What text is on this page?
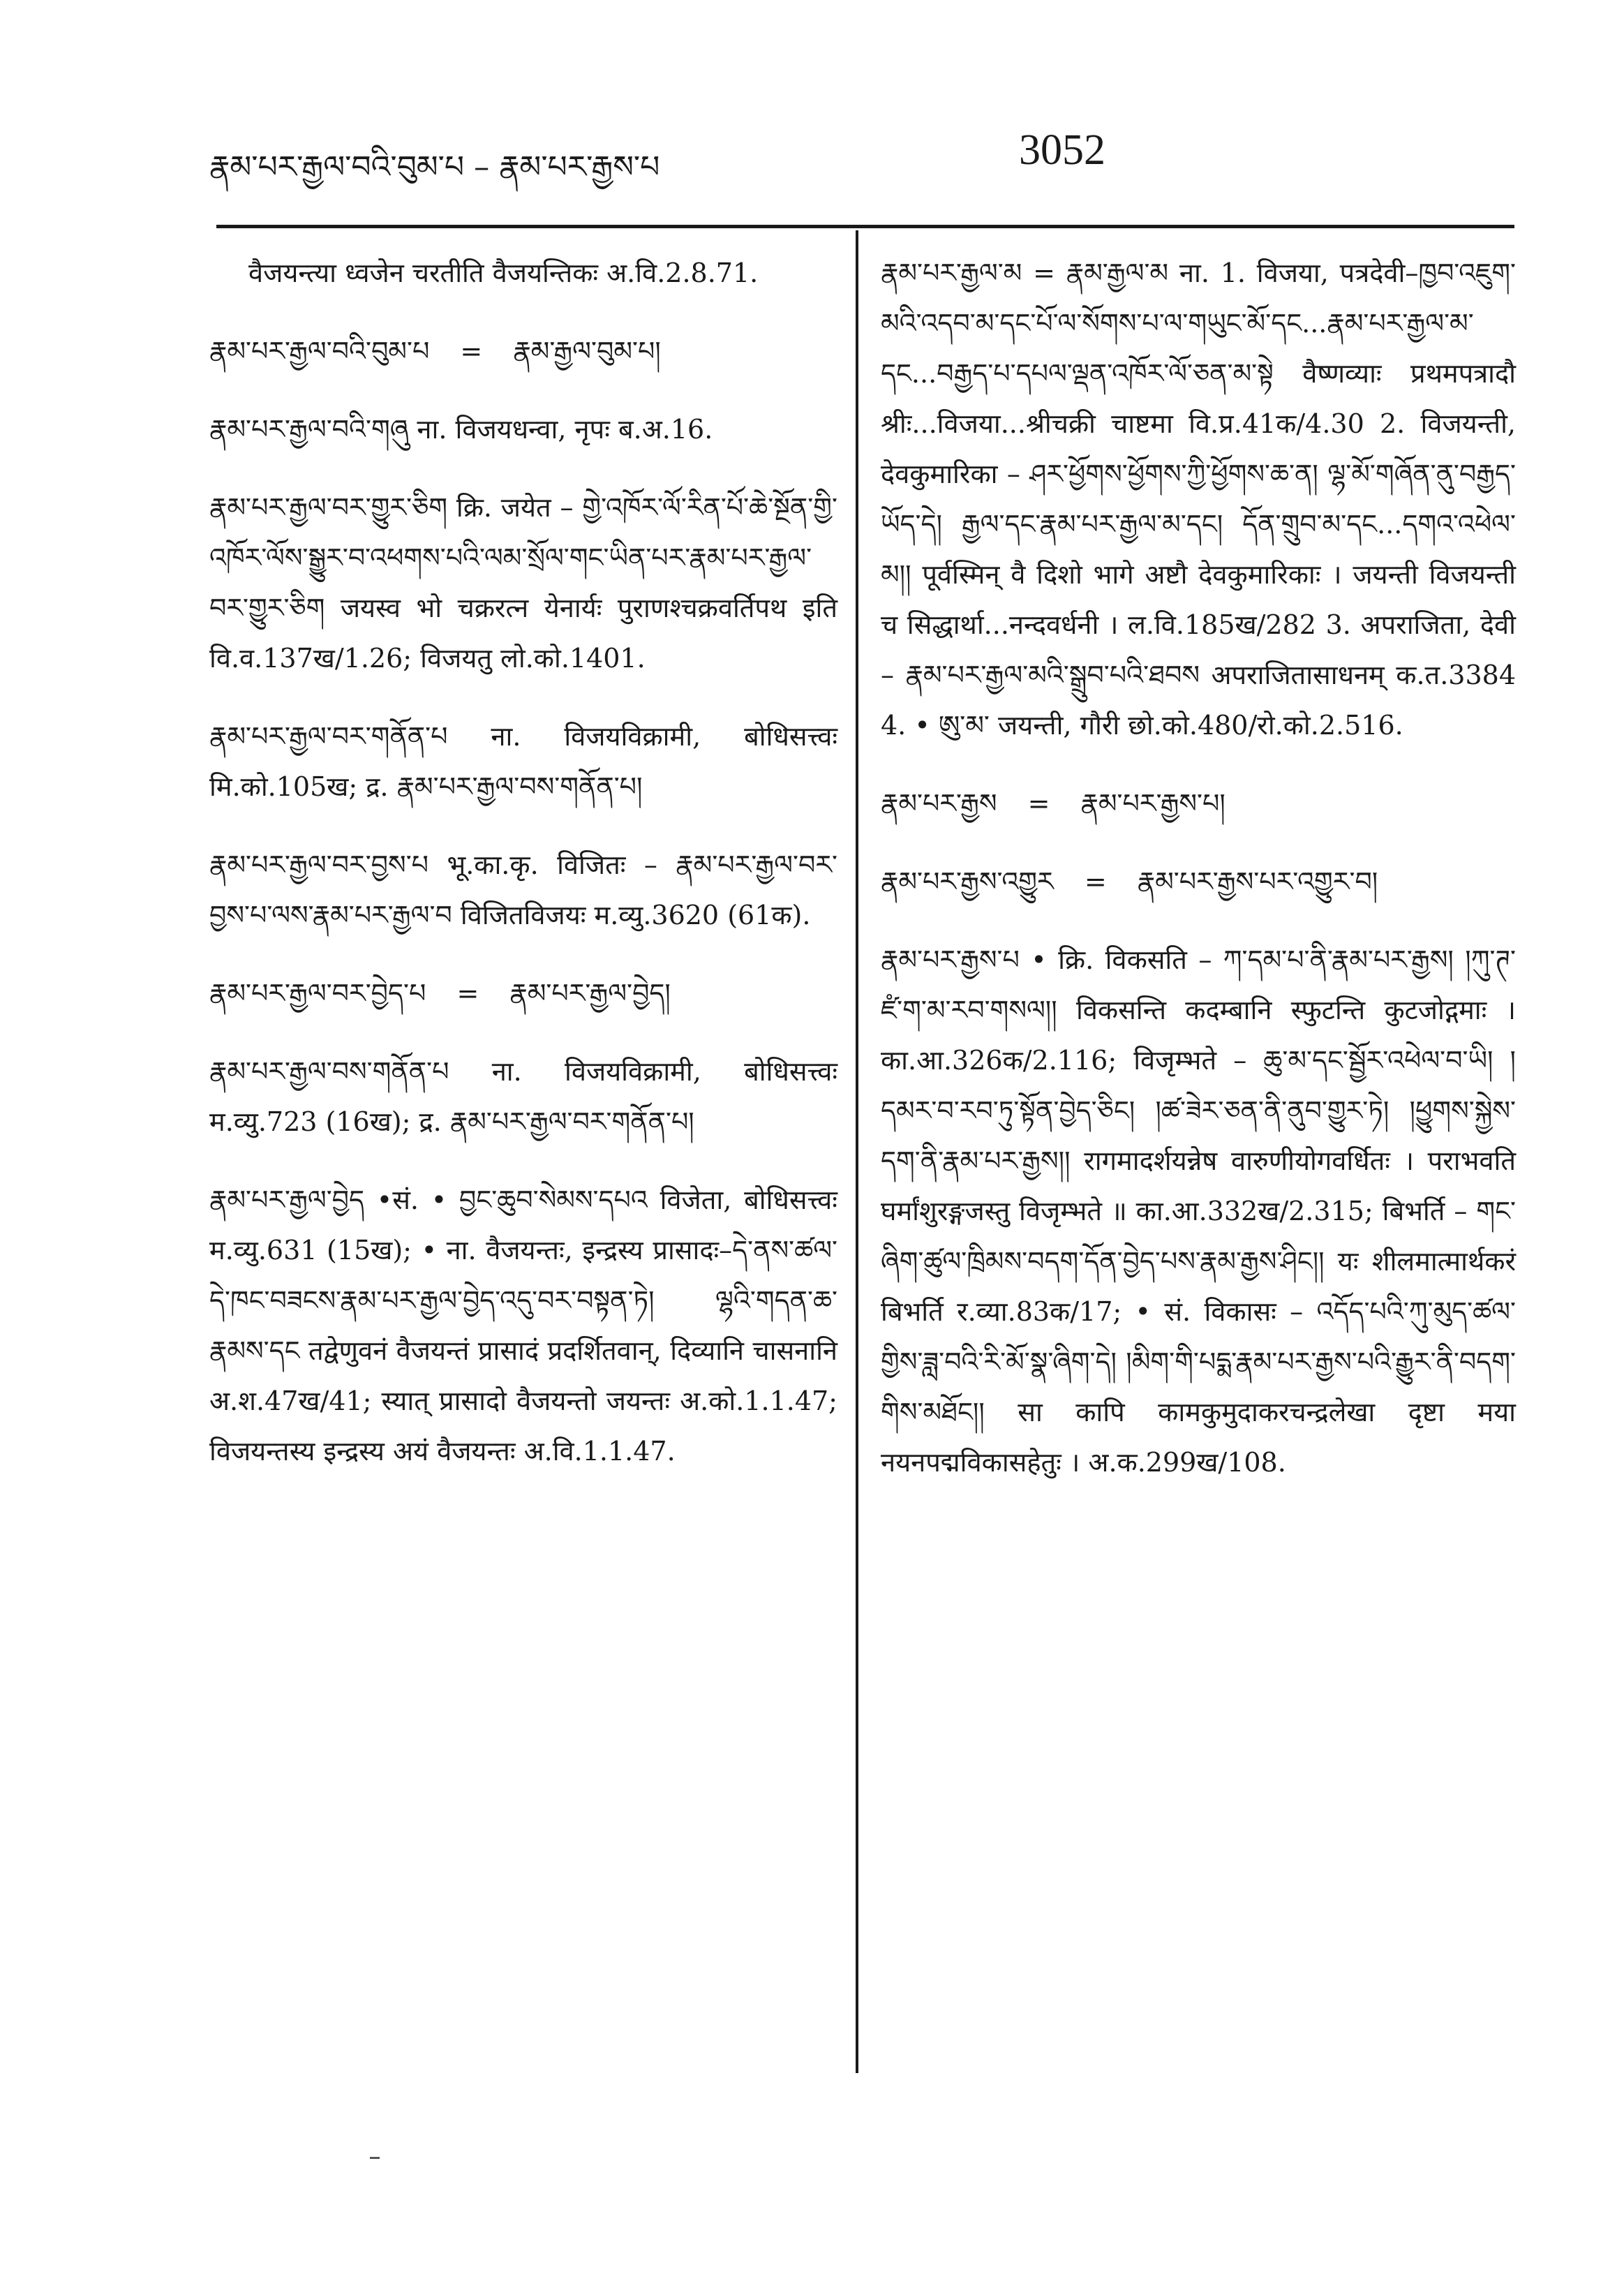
རྣམ་པར་རྒྱལ་བའི་བུམ་པ – རྣམ་པར་རྒྱས་པ	3052
वैजयन्त्या ध्वजेन चरतीति वैजयन्तिकः अ.वि.2.8.71.
རྣམ་པར་རྒྱལ་བའི་བུམ་པ	=	རྣམ་རྒྱལ་བུམ་པ།
རྣམ་པར་རྒྱལ་བའི་གཞུ ना. विजयधन्वा, नृपः ब.अ.16.
རྣམ་པར་རྒྱལ་བར་གྱུར་ཅིག क्रि. जयेत – གྱེ་འཁོར་ལོ་རིན་པོ་ཆེ་སྔོན་གྱི་འཁོར་ལོས་སྒྱུར་བ་འཕགས་པའི་ལམ་སྲོལ་གང་ཡིན་པར་རྣམ་པར་རྒྱལ་བར་གྱུར་ཅིག जयस्व भो चक्ररत्न येनार्यः पुराणश्चक्रवर्तिपथ इति वि.व.137ख/1.26; विजयतु लो.को.1401.
རྣམ་པར་རྒྱལ་བར་གནོན་པ ना. विजयविक्रामी, बोधिसत्त्वः मि.को.105ख; द्र. རྣམ་པར་རྒྱལ་བས་གནོན་པ།
རྣམ་པར་རྒྱལ་བར་བྱས་པ भू.का.कृ. विजितः – རྣམ་པར་རྒྱལ་བར་བྱས་པ་ལས་རྣམ་པར་རྒྱལ་བ विजितविजयः म.व्यु.3620 (61क).
རྣམ་པར་རྒྱལ་བར་བྱེད་པ	=	རྣམ་པར་རྒྱལ་བྱེད།
རྣམ་པར་རྒྱལ་བས་གནོན་པ ना. विजयविक्रामी, बोधिसत्त्वः म.व्यु.723 (16ख); द्र. རྣམ་པར་རྒྱལ་བར་གནོན་པ།
རྣམ་པར་རྒྱལ་བྱེད •सं. • བྱང་ཆུབ་སེམས་དཔའ विजेता, बोधिसत्त्वः म.व्यु.631 (15ख); • ना. वैजयन्तः, इन्द्रस्य प्रासादः–དེ་ནས་ཚལ་དེ་ཁང་བཟངས་རྣམ་པར་རྒྱལ་བྱེད་འདུ་བར་བསྟན་ཏེ། ལྷའི་གདན་ཆ་རྣམས་དང तद्वेणुवनं वैजयन्तं प्रासादं प्रदर्शितवान्, दिव्यानि चासनानि अ.श.47ख/41; स्यात् प्रासादो वैजयन्तो जयन्तः अ.को.1.1.47; विजयन्तस्य इन्द्रस्य अयं वैजयन्तः अ.वि.1.1.47.
རྣམ་པར་རྒྱལ་མ = རྣམ་རྒྱལ་མ ना. 1. विजया, पत्रदेवी–ཁྱབ་འཇུག་མའི་འདབ་མ་དང་པོ་ལ་སོགས་པ་ལ་གཡུང་མོ་དང...རྣམ་པར་རྒྱལ་མ་དང...བརྒྱད་པ་དཔལ་ལྡན་འཁོར་ལོ་ཅན་མ་སྟེ वैष्णव्याः प्रथमपत्रादौ श्रीः...विजया...श्रीचक्री चाष्टमा वि.प्र.41क/4.30 2. विजयन्ती, देवकुमारिका – ཤར་ཕྱོགས་ཕྱོགས་ཀྱི་ཕྱོགས་ཆ་ན། ལྷ་མོ་གཞོན་ནུ་བརྒྱད་ཡོད་དེ། རྒྱལ་དང་རྣམ་པར་རྒྱལ་མ་དང། དོན་གྲུབ་མ་དང...དགའ་འཕེལ་མ།། पूर्वस्मिन् वै दिशो भागे अष्टौ देवकुमारिकाः । जयन्ती विजयन्ती च सिद्धार्था...नन्दवर्धनी । ल.वि.185ख/282 3. अपराजिता, देवी – རྣམ་པར་རྒྱལ་མའི་སྒྲུབ་པའི་ཐབས अपराजितासाधनम् क.त.3384 4. • ཨུ་མ་ जयन्ती, गौरी छो.को.480/रो.को.2.516.
རྣམ་པར་རྒྱས	=	རྣམ་པར་རྒྱས་པ།
རྣམ་པར་རྒྱས་འགྱུར	=	རྣམ་པར་རྒྱས་པར་འགྱུར་བ།
རྣམ་པར་རྒྱས་པ • क्रि. विकसति – ཀ་དམ་པ་ནི་རྣམ་པར་རྒྱས། །ཀུ་ཊ་ཛཾ་ག་མ་རབ་གསལ།། विकसन्ति कदम्बानि स्फुटन्ति कुटजोद्गमाः । का.आ.326क/2.116; विजृम्भते – ཆུ་མ་དང་སྦྱོར་འཕེལ་བ་ཡི། །དམར་བ་རབ་ཏུ་སྟོན་བྱེད་ཅིང། །ཚ་ཟེར་ཅན་ནི་ནུབ་གྱུར་ཏེ། །ཕྱུགས་སྐྱེས་དག་ནི་རྣམ་པར་རྒྱས།། रागमादर्शयन्नेष वारुणीयोगवर्धितः । पराभवति घर्मांशुरङ्गजस्तु विजृम्भते ॥ का.आ.332ख/2.315; बिभर्ति – གང་ཞིག་ཚུལ་ཁྲིམས་བདག་དོན་བྱེད་པས་རྣམ་རྒྱས་ཤིང།། यः शीलमात्मार्थकरं बिभर्ति र.व्या.83क/17; • सं. विकासः – འདོད་པའི་ཀུ་མུད་ཚལ་གྱིས་ཟླ་བའི་རི་མོ་སྣ་ཞིག་དེ། །མིག་གི་པདྨ་རྣམ་པར་རྒྱས་པའི་རྒྱུར་ནི་བདག་གིས་མཐོང།། सा कापि कामकुमुदाकरचन्द्रलेखा दृष्टा मया नयनपद्मविकासहेतुः । अ.क.299ख/108.
